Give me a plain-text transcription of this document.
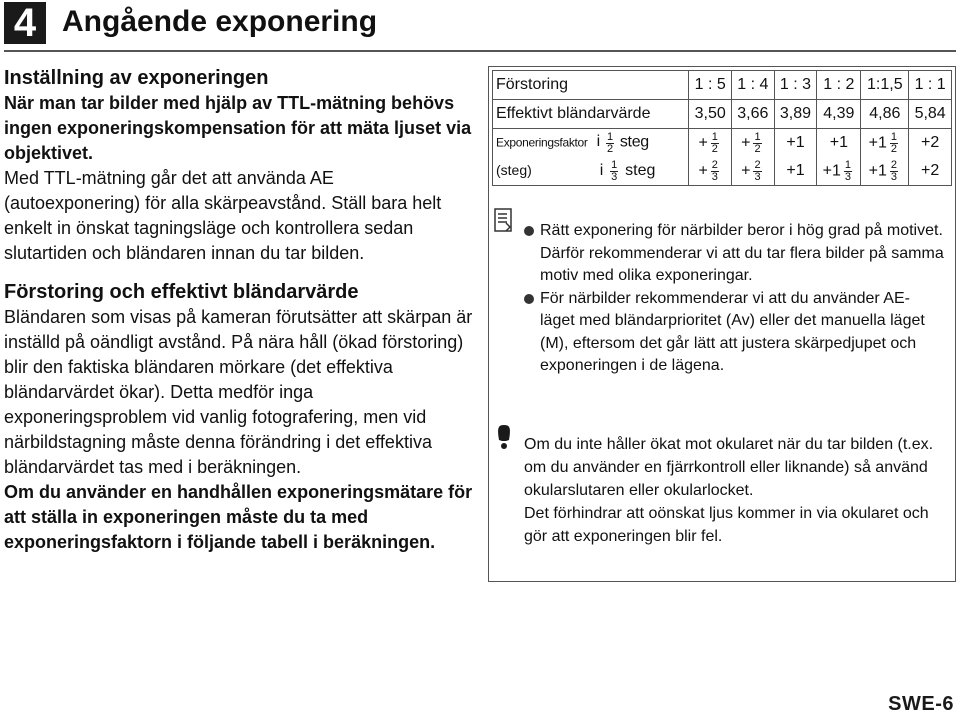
4 Angående exponering

Inställning av exponeringen

När man tar bilder med hjälp av TTL-mätning behövs ingen exponeringskompensation för att mäta ljuset via objektivet.

Med TTL-mätning går det att använda AE (autoexponering) för alla skärpeavstånd. Ställ bara helt enkelt in önskat tagningsläge och kontrollera sedan slutartiden och bländaren innan du tar bilden.

Förstoring och effektivt bländarvärde

Bländaren som visas på kameran förutsätter att skärpan är inställd på oändligt avstånd. På nära håll (ökad förstoring) blir den faktiska bländaren mörkare (det effektiva bländarvärdet ökar). Detta medför inga exponeringsproblem vid vanlig fotografering, men vid närbildstagning måste denna förändring i det effektiva bländarvärdet tas med i beräkningen.

Om du använder en handhållen exponeringsmätare för att ställa in exponeringen måste du ta med exponeringsfaktorn i följande tabell i beräkningen.

Förstoring	1 : 5	1 : 4	1 : 3	1 : 2	1:1,5	1 : 1
Effektivt bländarvärde	3,50	3,66	3,89	4,39	4,86	5,84
Exponeringsfaktor i $\frac{1}{2}$ steg	+ $\frac{1}{2}$	+ $\frac{1}{2}$	+1	+1	$+1 \frac{1}{2}$	+2
(steg) i $\frac{1}{3}$ steg	+ $\frac{2}{3}$	+ $\frac{2}{3}$	+1	$+1 \frac{1}{3}$	$+1 \frac{2}{3}$	+2
Rätt exponering för närbilder beror i hög grad på motivet. Därför rekommenderar vi att du tar flera bilder på samma motiv med olika exponeringar.
För närbilder rekommenderar vi att du använder AE-läget med bländarprioritet (Av) eller det manuella läget (M), eftersom det går lätt att justera skärpedjupet och exponeringen i de lägena.

Om du inte håller ökat mot okularet när du tar bilden (t.ex. om du använder en fjärrkontroll eller liknande) så använd okularslutaren eller okularlocket.

Det förhindrar att oönskat ljus kommer in via okularet och gör att exponeringen blir fel.

SWE-6
